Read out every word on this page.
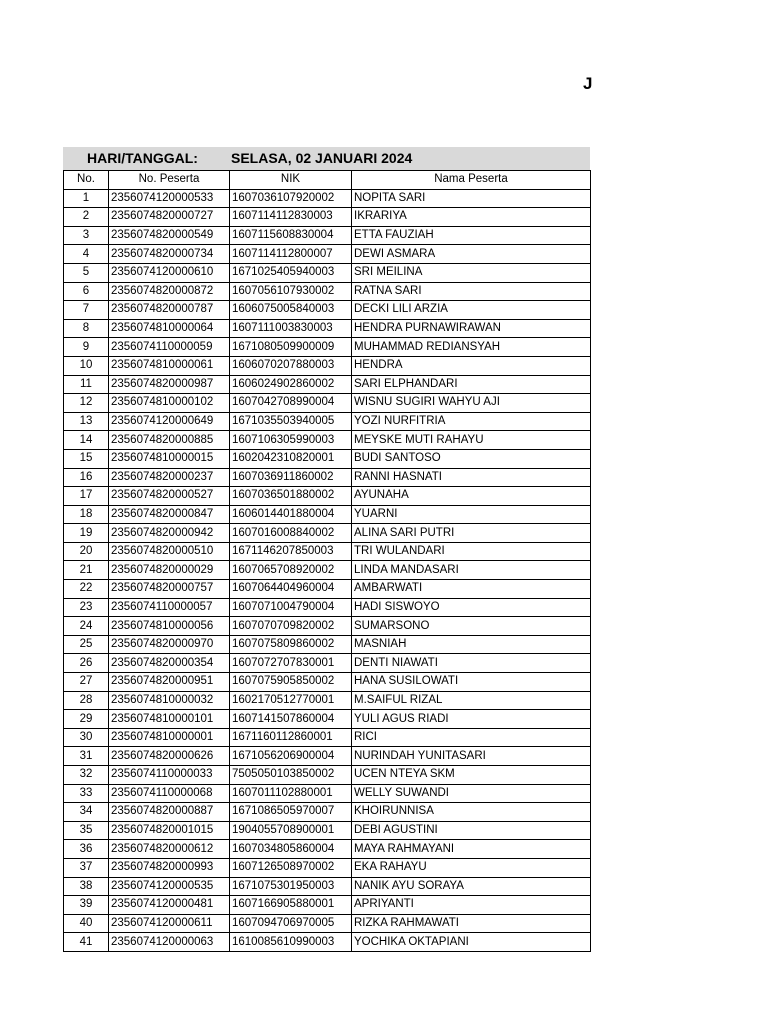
J
HARI/TANGGAL: SELASA, 02 JANUARI 2024
No.	No. Peserta	NIK	Nama Peserta
1	2356074120000533	1607036107920002	NOPITA SARI
2	2356074820000727	1607114112830003	IKRARIYA
3	2356074820000549	1607115608830004	ETTA FAUZIAH
4	2356074820000734	1607114112800007	DEWI ASMARA
5	2356074120000610	1671025405940003	SRI MEILINA
6	2356074820000872	1607056107930002	RATNA SARI
7	2356074820000787	1606075005840003	DECKI LILI ARZIA
8	2356074810000064	1607111003830003	HENDRA PURNAWIRAWAN
9	2356074110000059	1671080509900009	MUHAMMAD REDIANSYAH
10	2356074810000061	1606070207880003	HENDRA
11	2356074820000987	1606024902860002	SARI ELPHANDARI
12	2356074810000102	1607042708990004	WISNU SUGIRI WAHYU AJI
13	2356074120000649	1671035503940005	YOZI NURFITRIA
14	2356074820000885	1607106305990003	MEYSKE MUTI RAHAYU
15	2356074810000015	1602042310820001	BUDI SANTOSO
16	2356074820000237	1607036911860002	RANNI HASNATI
17	2356074820000527	1607036501880002	AYUNAHA
18	2356074820000847	1606014401880004	YUARNI
19	2356074820000942	1607016008840002	ALINA SARI PUTRI
20	2356074820000510	1671146207850003	TRI WULANDARI
21	2356074820000029	1607065708920002	LINDA MANDASARI
22	2356074820000757	1607064404960004	AMBARWATI
23	2356074110000057	1607071004790004	HADI SISWOYO
24	2356074810000056	1607070709820002	SUMARSONO
25	2356074820000970	1607075809860002	MASNIAH
26	2356074820000354	1607072707830001	DENTI NIAWATI
27	2356074820000951	1607075905850002	HANA SUSILOWATI
28	2356074810000032	1602170512770001	M.SAIFUL RIZAL
29	2356074810000101	1607141507860004	YULI AGUS RIADI
30	2356074810000001	1671160112860001	RICI
31	2356074820000626	1671056206900004	NURINDAH YUNITASARI
32	2356074110000033	7505050103850002	UCEN NTEYA SKM
33	2356074110000068	1607011102880001	WELLY SUWANDI
34	2356074820000887	1671086505970007	KHOIRUNNISA
35	2356074820001015	1904055708900001	DEBI AGUSTINI
36	2356074820000612	1607034805860004	MAYA RAHMAYANI
37	2356074820000993	1607126508970002	EKA RAHAYU
38	2356074120000535	1671075301950003	NANIK AYU SORAYA
39	2356074120000481	1607166905880001	APRIYANTI
40	2356074120000611	1607094706970005	RIZKA RAHMAWATI
41	2356074120000063	1610085610990003	YOCHIKA OKTAPIANI
